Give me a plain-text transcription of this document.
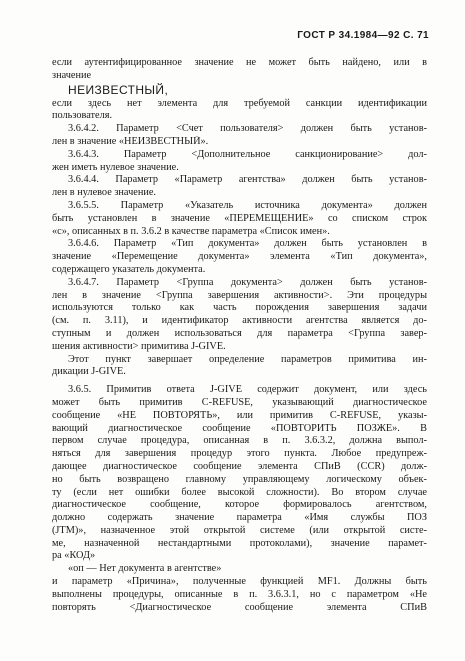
ГОСТ Р 34.1984—92 С. 71
если аутентифицированное значение не может быть найдено, или в
значение
НЕИЗВЕСТНЫЙ,
если здесь нет элемента для требуемой санкции идентификации
пользователя.
3.6.4.2. Параметр <Счет пользователя> должен быть установ-
лен в значение «НЕИЗВЕСТНЫЙ».
3.6.4.3. Параметр <Дополнительное санкционирование> дол-
жен иметь нулевое значение.
3.6.4.4. Параметр «Параметр агентства» должен быть установ-
лен в нулевое значение.
3.6.5.5. Параметр «Указатель источника документа» должен
быть установлен в значение «ПЕРЕМЕЩЕНИЕ» со списком строк
«с», описанных в п. 3.6.2 в качестве параметра «Список имен».
3.6.4.6. Параметр «Тип документа» должен быть установлен в
значение «Перемещение документа» элемента «Тип документа»,
содержащего указатель документа.
3.6.4.7. Параметр <Группа документа> должен быть установ-
лен в значение <Группа завершения активности>. Эти процедуры
используются только как часть порождения завершения задачи
(см. п. 3.11), и идентификатор активности агентства является до-
ступным и должен использоваться для параметра <Группа завер-
шения активности> примитива J-GIVE.
Этот пункт завершает определение параметров примитива ин-
дикации J-GIVE.
3.6.5. Примитив ответа J-GIVE содержит документ, или здесь
может быть примитив C-REFUSE, указывающий диагностическое
сообщение «НЕ ПОВТОРЯТЬ», или примитив C-REFUSE, указы-
вающий диагностическое сообщение «ПОВТОРИТЬ ПОЗЖЕ». В
первом случае процедура, описанная в п. 3.6.3.2, должна выпол-
няться для завершения процедур этого пункта. Любое предупреж-
дающее диагностическое сообщение элемента СПиВ (CCR) долж-
но быть возвращено главному управляющему логическому объек-
ту (если нет ошибки более высокой сложности). Во втором случае
диагностическое сообщение, которое формировалось агентством,
должно содержать значение параметра «Имя службы ПОЗ
(JTM)», назначенное этой открытой системе (или открытой систе-
ме, назначенной нестандартными протоколами), значение парамет-
ра «КОД»
«оп — Нет документа в агентстве»
и параметр «Причина», полученные функцией MF1. Должны быть
выполнены процедуры, описанные в п. 3.6.3.1, но с параметром «Не
повторять <Диагностическое сообщение элемента СПиВ
